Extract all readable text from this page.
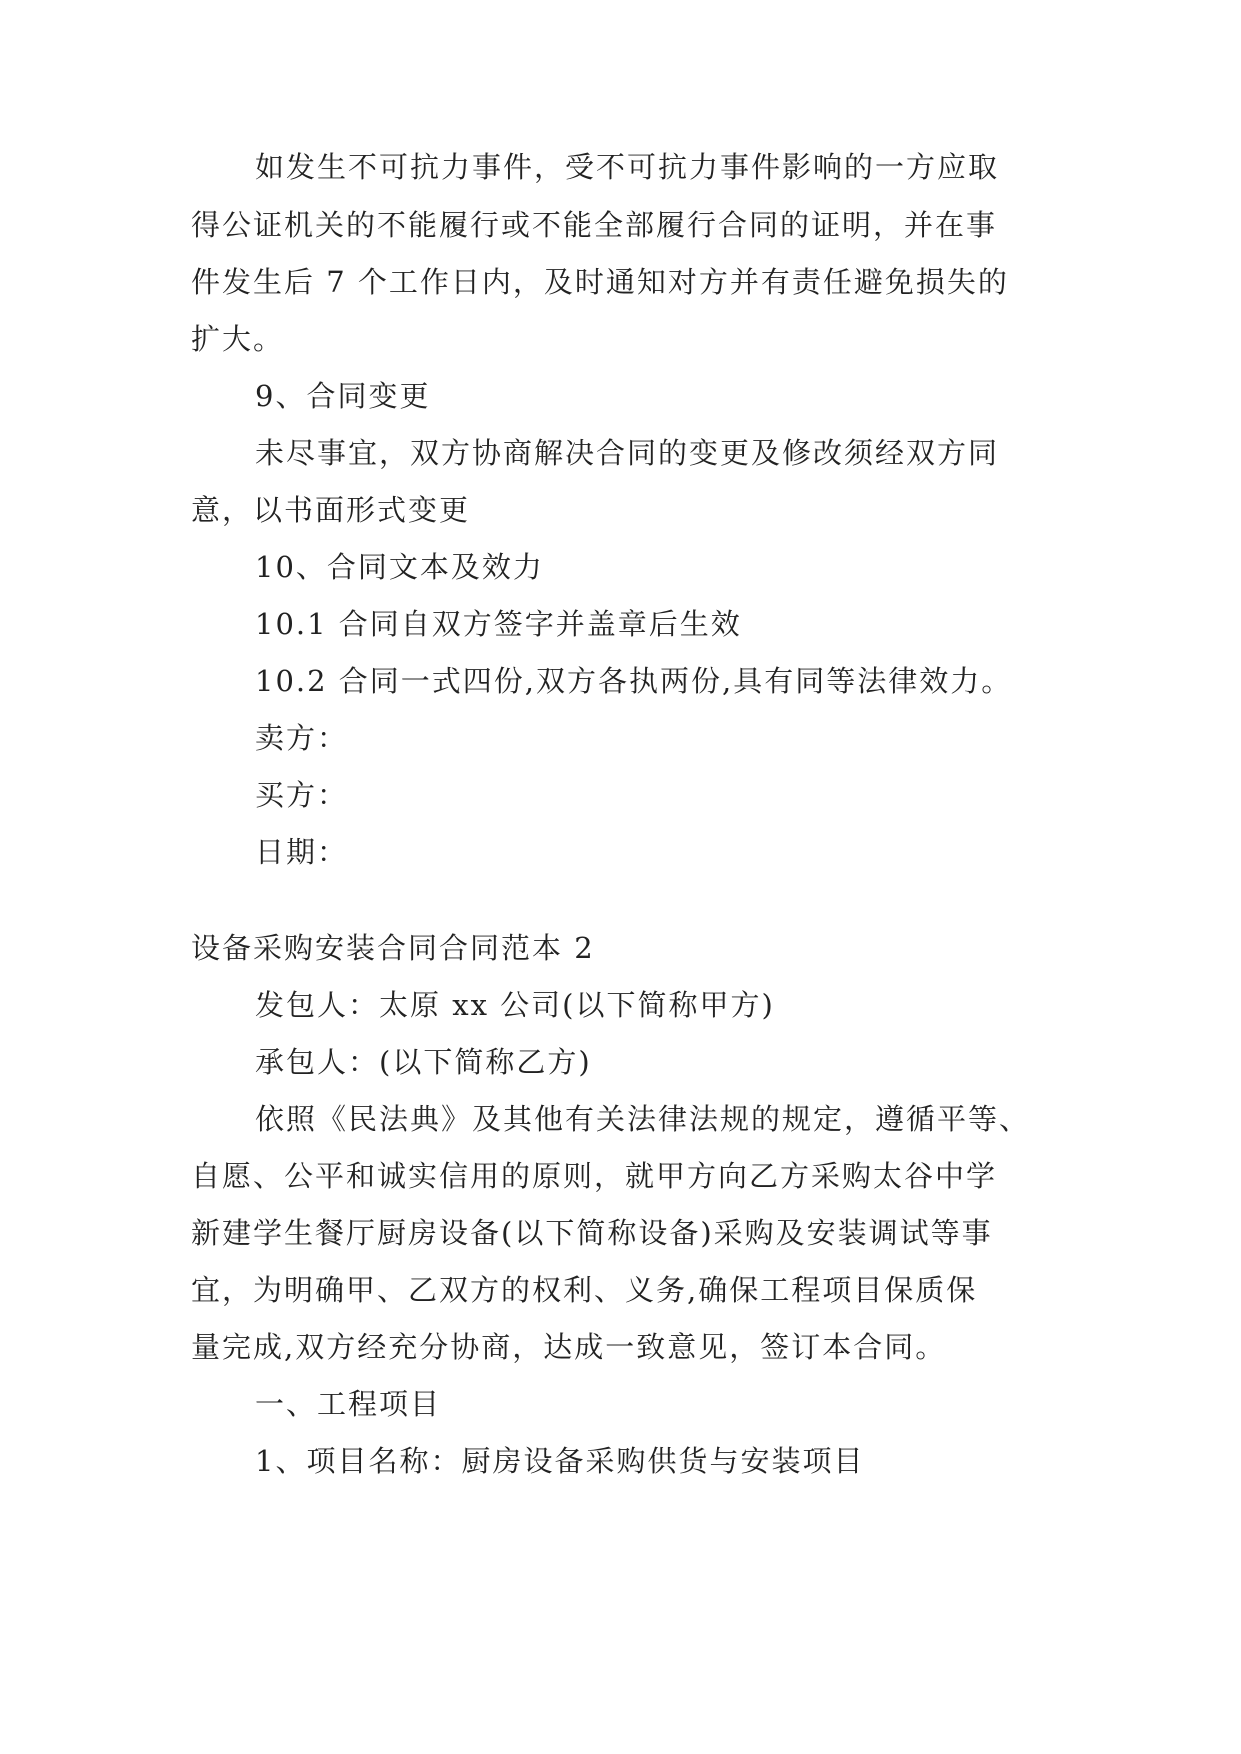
如发生不可抗力事件，受不可抗力事件影响的一方应取
得公证机关的不能履行或不能全部履行合同的证明，并在事
件发生后 7 个工作日内，及时通知对方并有责任避免损失的
扩大。
9、合同变更
未尽事宜，双方协商解决合同的变更及修改须经双方同
意，以书面形式变更
10、合同文本及效力
10.1 合同自双方签字并盖章后生效
10.2 合同一式四份,双方各执两份,具有同等法律效力。
卖方：
买方：
日期：
设备采购安装合同合同范本 2
发包人：太原 xx 公司(以下简称甲方)
承包人：(以下简称乙方)
依照《民法典》及其他有关法律法规的规定，遵循平等、
自愿、公平和诚实信用的原则，就甲方向乙方采购太谷中学
新建学生餐厅厨房设备(以下简称设备)采购及安装调试等事
宜，为明确甲、乙双方的权利、义务,确保工程项目保质保
量完成,双方经充分协商，达成一致意见，签订本合同。
一、工程项目
1、项目名称：厨房设备采购供货与安装项目
